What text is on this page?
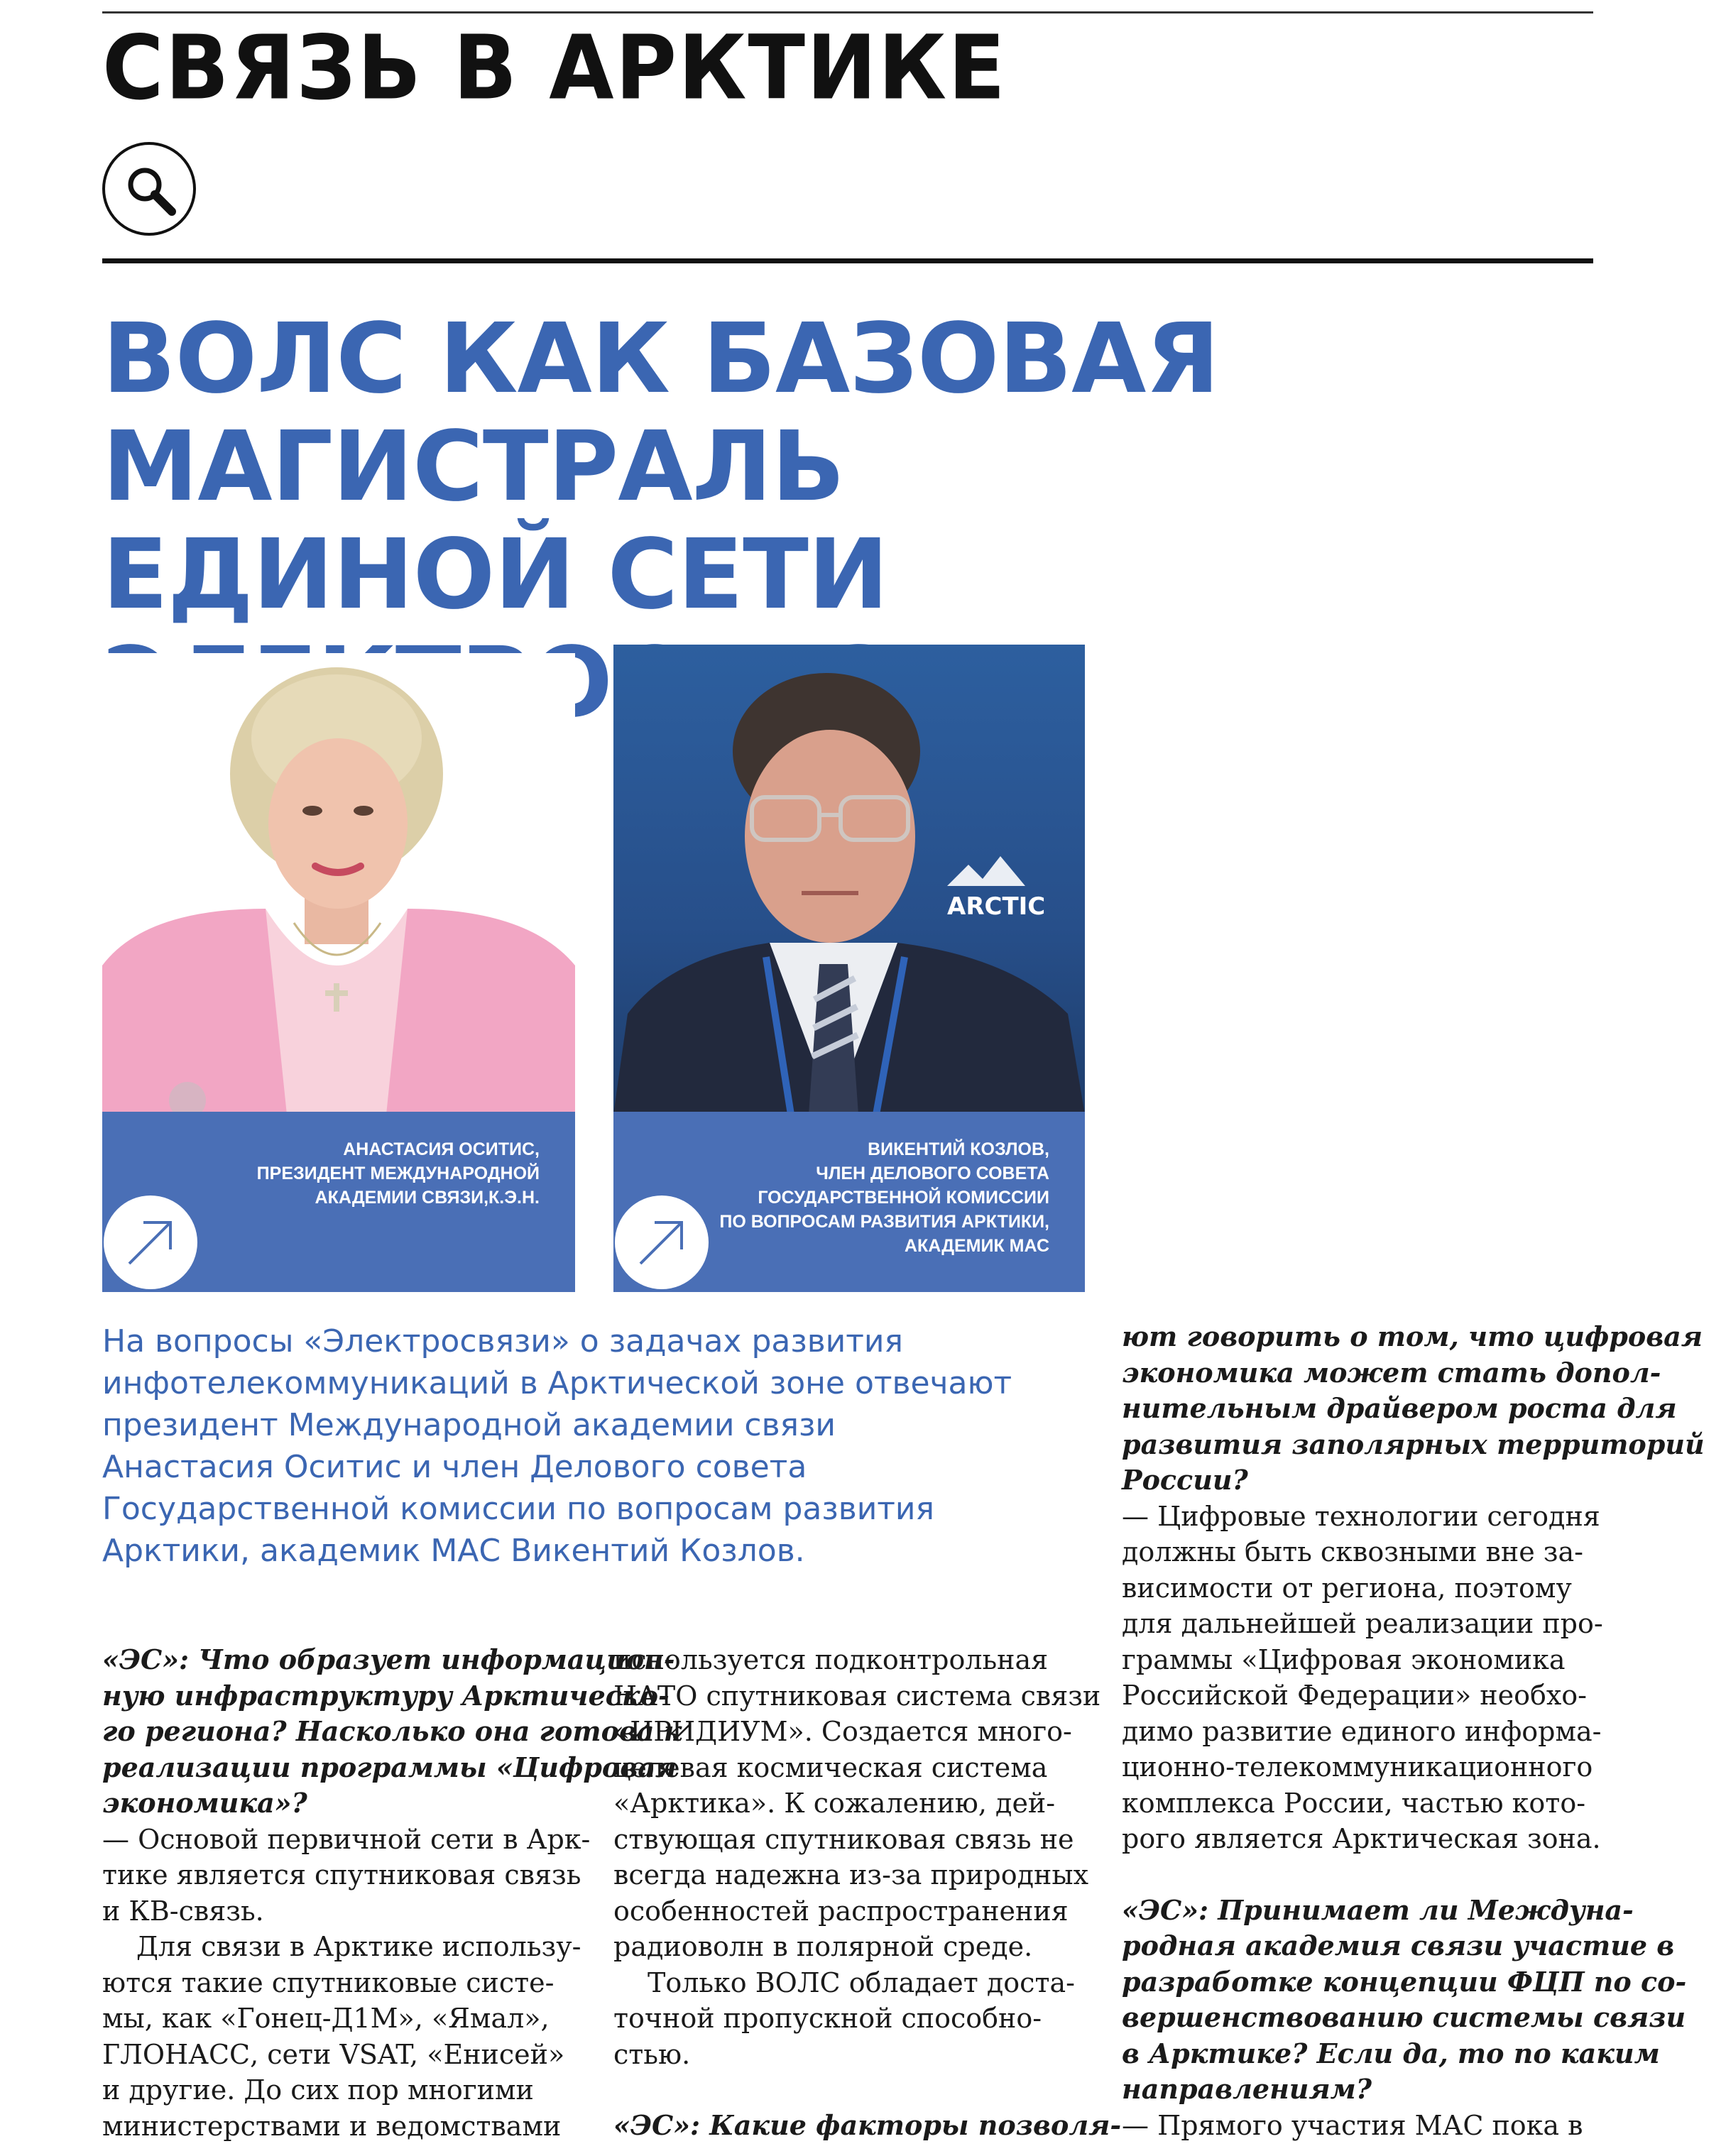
СВЯЗЬ В АРКТИКЕ
ВОЛС КАК БАЗОВАЯ МАГИСТРАЛЬ
ЕДИНОЙ СЕТИ
ARCTIC
АНАСТАСИЯ ОСИТИС,
ПРЕЗИДЕНТ МЕЖДУНАРОДНОЙ
АКАДЕМИИ СВЯЗИ,К.Э.Н.
ВИКЕНТИЙ КОЗЛОВ,
ЧЛЕН ДЕЛОВОГО СОВЕТА
ГОСУДАРСТВЕННОЙ КОМИССИИ
ПО ВОПРОСАМ РАЗВИТИЯ АРКТИКИ,
АКАДЕМИК МАС
На вопросы «Электросвязи» о задачах развития
инфотелекоммуникаций в Арктической зоне отвечают
президент Международной академии связи
Анастасия Оситис и член Делового совета
Государственной комиссии по вопросам развития
Арктики, академик МАС Викентий Козлов.
«ЭС»: Что образует информацион-
ную инфраструктуру Арктическо-
го региона? Насколько она готова к
реализации программы «Цифровая
экономика»?
— Основой первичной сети в Арк-
тике является спутниковая связь
и КВ-связь.
Для связи в Арктике использу-
ются такие спутниковые систе-
мы, как «Гонец-Д1М», «Ямал»,
ГЛОНАСС, сети VSAT, «Енисей»
и другие. До сих пор многими
министерствами и ведомствами
используется подконтрольная
НАТО спутниковая система связи
«ИРИДИУМ». Создается много-
целевая космическая система
«Арктика». К сожалению, дей-
ствующая спутниковая связь не
всегда надежна из-за природных
особенностей распространения
радиоволн в полярной среде.
Только ВОЛС обладает доста-
точной пропускной способно-
стью.
«ЭС»: Какие факторы позволя-
ют говорить о том, что цифровая
экономика может стать допол-
нительным драйвером роста для
развития заполярных территорий
России?
— Цифровые технологии сегодня
должны быть сквозными вне за-
висимости от региона, поэтому
для дальнейшей реализации про-
граммы «Цифровая экономика
Российской Федерации» необхо-
димо развитие единого информа-
ционно-телекоммуникационного
комплекса России, частью кото-
рого является Арктическая зона.
«ЭС»: Принимает ли Междуна-
родная академия связи участие в
разработке концепции ФЦП по со-
вершенствованию системы связи
в Арктике? Если да, то по каким
направлениям?
— Прямого участия МАС пока в
